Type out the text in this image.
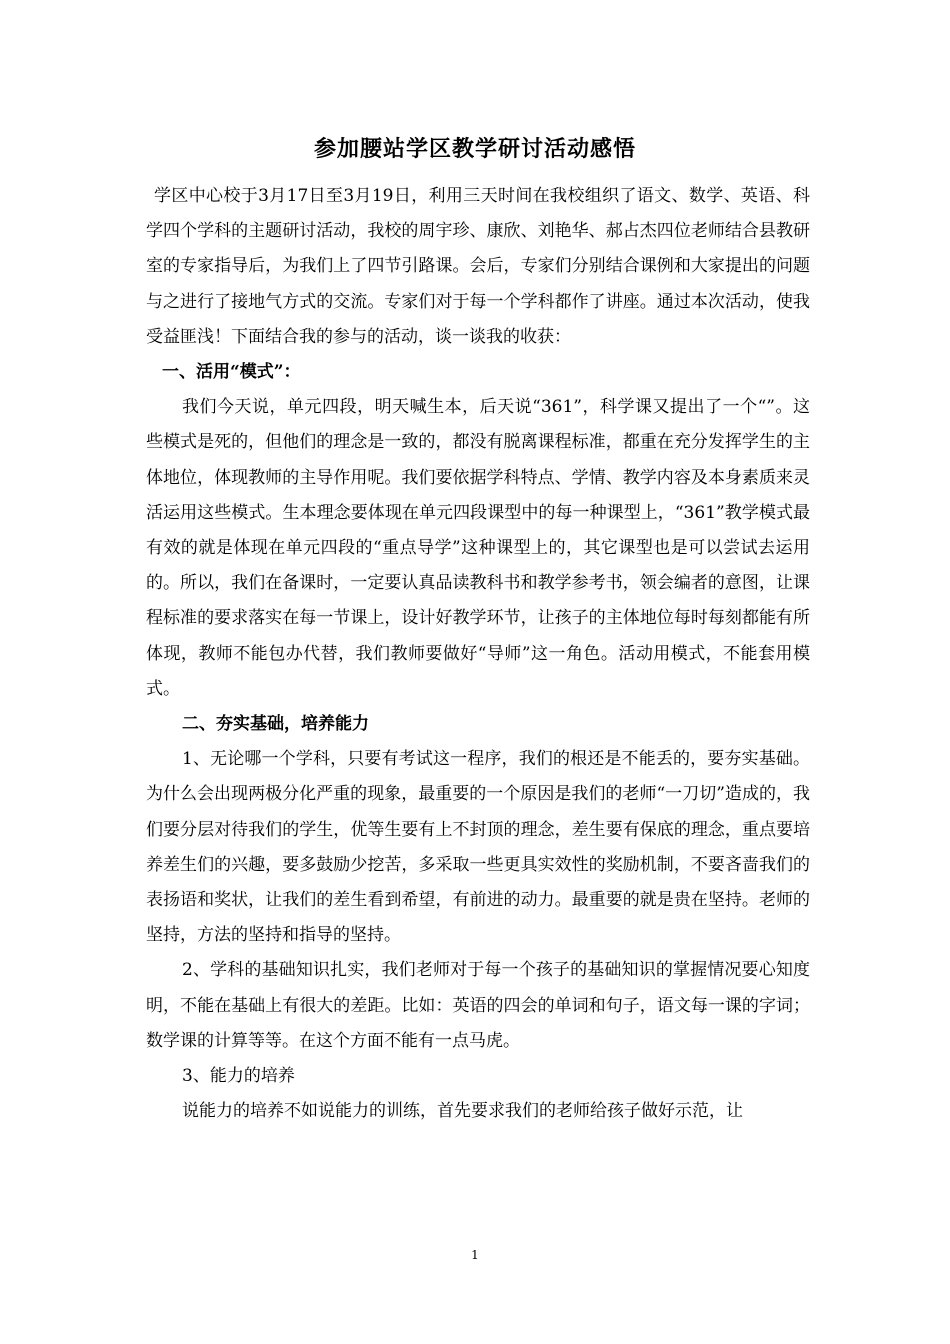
参加腰站学区教学研讨活动感悟

学区中心校于3月17日至3月19日，利用三天时间在我校组织了语文、数学、英语、科学四个学科的主题研讨活动，我校的周宇珍、康欣、刘艳华、郝占杰四位老师结合县教研室的专家指导后，为我们上了四节引路课。会后，专家们分别结合课例和大家提出的问题与之进行了接地气方式的交流。专家们对于每一个学科都作了讲座。通过本次活动，使我受益匪浅！下面结合我的参与的活动，谈一谈我的收获：

一、活用“模式”：

我们今天说，单元四段，明天喊生本，后天说“361”，科学课又提出了一个“”。这些模式是死的，但他们的理念是一致的，都没有脱离课程标准，都重在充分发挥学生的主体地位，体现教师的主导作用呢。我们要依据学科特点、学情、教学内容及本身素质来灵活运用这些模式。生本理念要体现在单元四段课型中的每一种课型上，“361”教学模式最有效的就是体现在单元四段的“重点导学”这种课型上的，其它课型也是可以尝试去运用的。所以，我们在备课时，一定要认真品读教科书和教学参考书，领会编者的意图，让课程标准的要求落实在每一节课上，设计好教学环节，让孩子的主体地位每时每刻都能有所体现，教师不能包办代替，我们教师要做好“导师”这一角色。活动用模式，不能套用模式。

二、夯实基础，培养能力

1、无论哪一个学科，只要有考试这一程序，我们的根还是不能丢的，要夯实基础。为什么会出现两极分化严重的现象，最重要的一个原因是我们的老师“一刀切”造成的，我们要分层对待我们的学生，优等生要有上不封顶的理念，差生要有保底的理念，重点要培养差生们的兴趣，要多鼓励少挖苦，多采取一些更具实效性的奖励机制，不要吝啬我们的表扬语和奖状，让我们的差生看到希望，有前进的动力。最重要的就是贵在坚持。老师的坚持，方法的坚持和指导的坚持。

2、学科的基础知识扎实，我们老师对于每一个孩子的基础知识的掌握情况要心知度明，不能在基础上有很大的差距。比如：英语的四会的单词和句子，语文每一课的字词；数学课的计算等等。在这个方面不能有一点马虎。

3、能力的培养

说能力的培养不如说能力的训练，首先要求我们的老师给孩子做好示范，让

1
